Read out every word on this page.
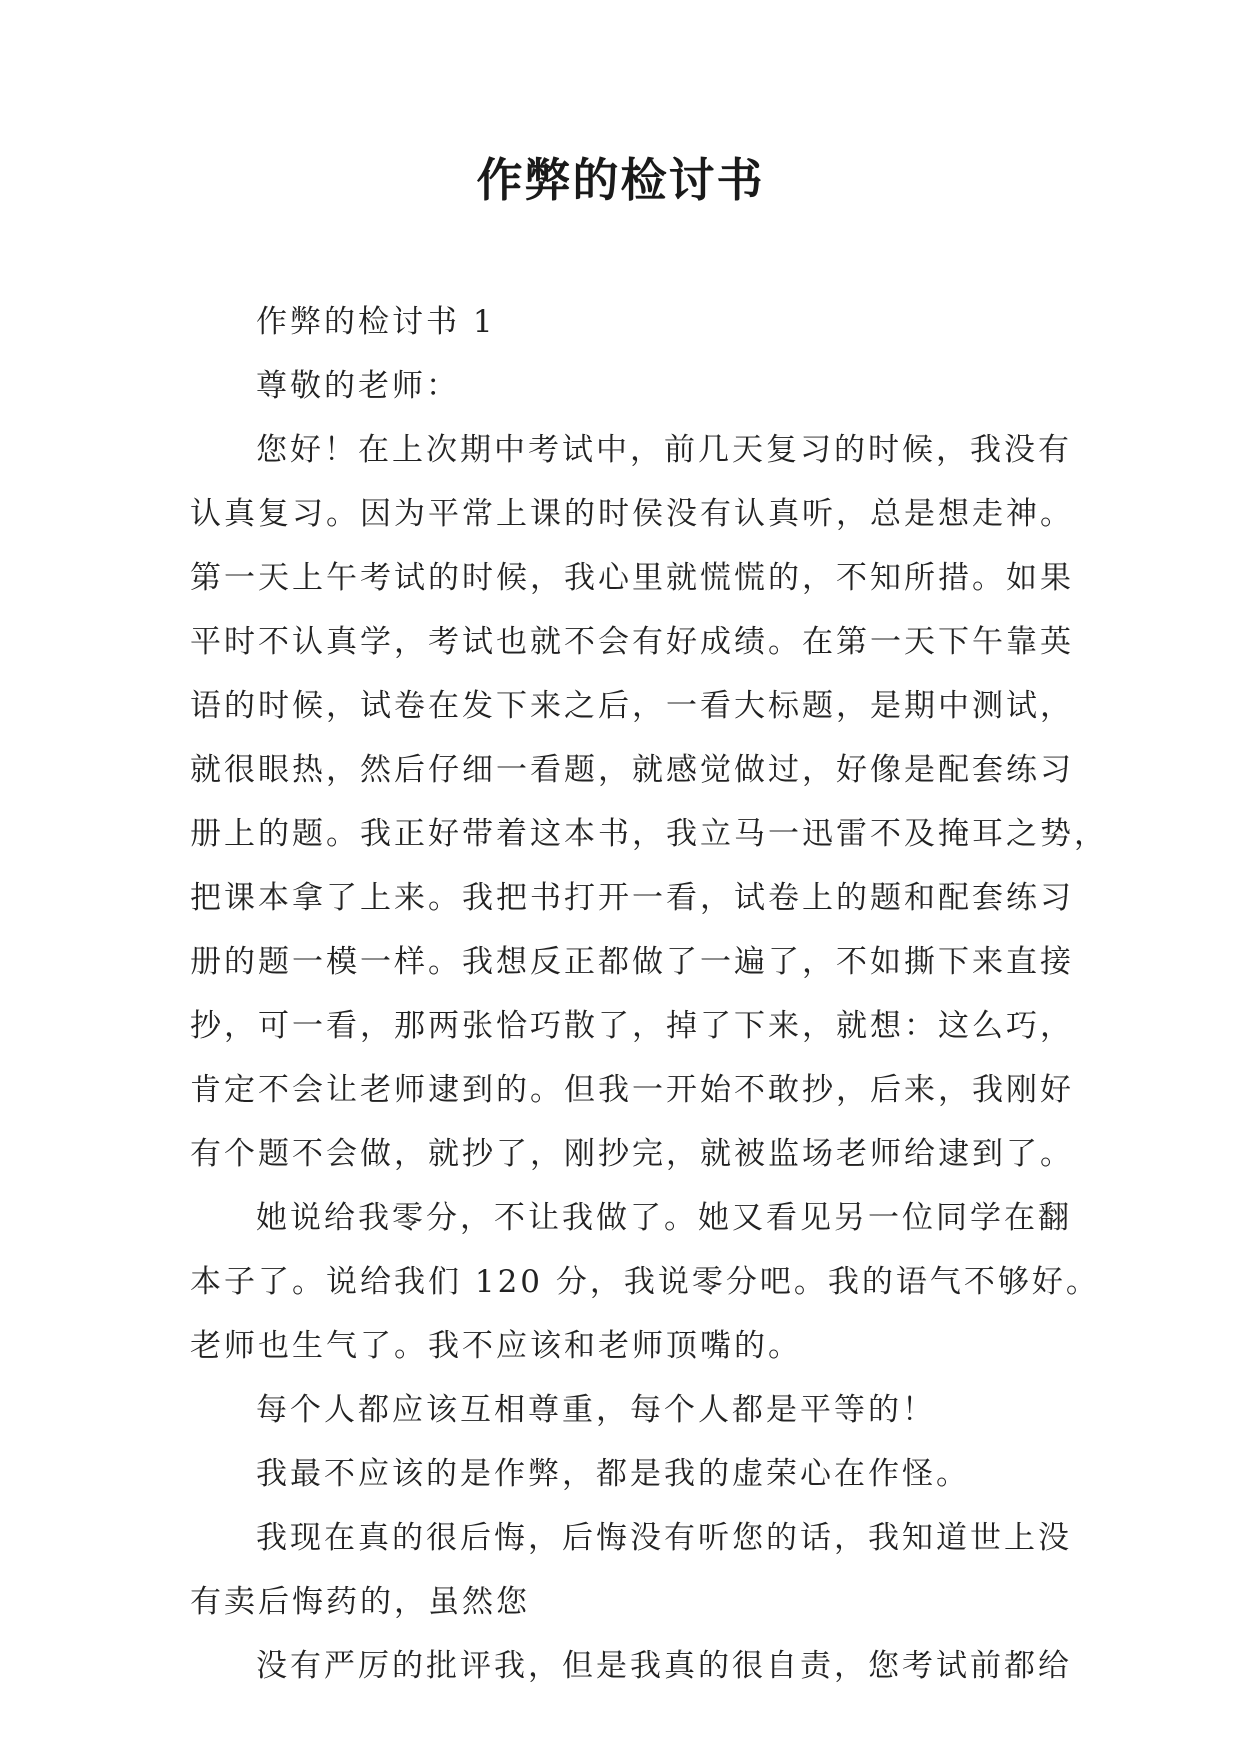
作弊的检讨书
作弊的检讨书 1
尊敬的老师：
您好！在上次期中考试中，前几天复习的时候，我没有
认真复习。因为平常上课的时侯没有认真听，总是想走神。
第一天上午考试的时候，我心里就慌慌的，不知所措。如果
平时不认真学，考试也就不会有好成绩。在第一天下午靠英
语的时候，试卷在发下来之后，一看大标题，是期中测试，
就很眼热，然后仔细一看题，就感觉做过，好像是配套练习
册上的题。我正好带着这本书，我立马一迅雷不及掩耳之势，
把课本拿了上来。我把书打开一看，试卷上的题和配套练习
册的题一模一样。我想反正都做了一遍了，不如撕下来直接
抄，可一看，那两张恰巧散了，掉了下来，就想：这么巧，
肯定不会让老师逮到的。但我一开始不敢抄，后来，我刚好
有个题不会做，就抄了，刚抄完，就被监场老师给逮到了。
她说给我零分，不让我做了。她又看见另一位同学在翻
本子了。说给我们 120 分，我说零分吧。我的语气不够好。
老师也生气了。我不应该和老师顶嘴的。
每个人都应该互相尊重，每个人都是平等的！
我最不应该的是作弊，都是我的虚荣心在作怪。
我现在真的很后悔，后悔没有听您的话，我知道世上没
有卖后悔药的，虽然您
没有严厉的批评我，但是我真的很自责，您考试前都给
